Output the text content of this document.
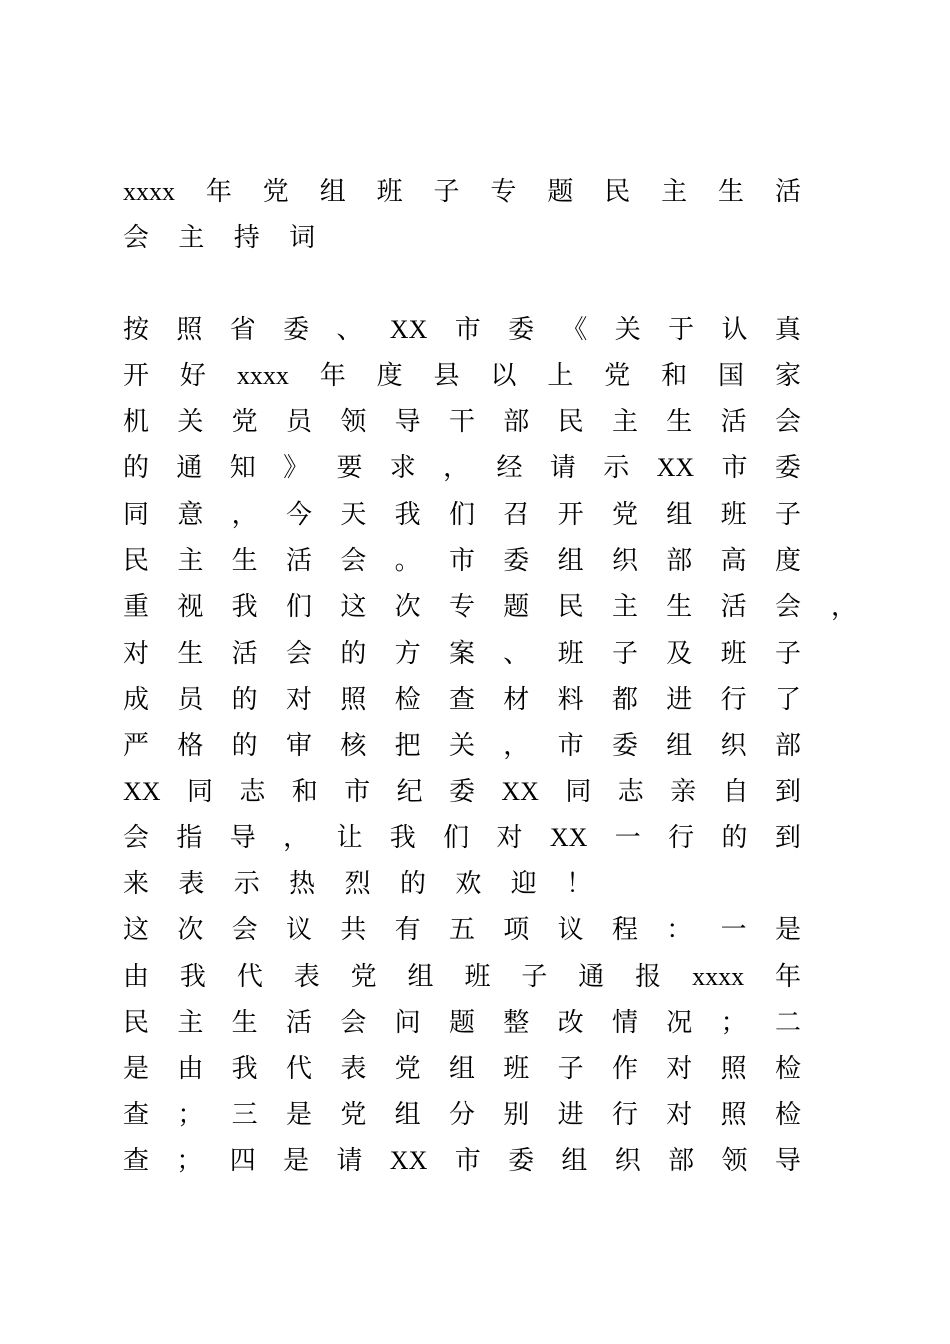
xxxx 年 党 组 班 子 专 题 民 主 生 活
会	主	持	词
按 照 省 委 、 XX 市 委 《 关 于 认 真
开 好 xxxx 年 度 县 以 上 党 和 国 家
机 关 党 员 领 导 干 部 民 主 生 活 会
的 通 知 》 要 求 ， 经 请 示 XX 市 委
同 意 ， 今 天 我 们 召 开 党 组 班 子
民 主 生 活 会 。 市 委 组 织 部 高 度
重 视 我 们 这 次 专 题 民 主 生 活 会 ，
对 生 活 会 的 方 案 、 班 子 及 班 子
成 员 的 对 照 检 查 材 料 都 进 行 了
严 格 的 审 核 把 关 ， 市 委 组 织 部
XX 同 志 和 市 纪 委 XX 同 志 亲 自 到
会 指 导 ， 让 我 们 对 XX 一 行 的 到
来	表	示	热	烈	的	欢	迎	！
这 次 会 议 共 有 五 项 议 程 ： 一 是
由 我 代 表 党 组 班 子 通 报 xxxx 年
民 主 生 活 会 问 题 整 改 情 况 ； 二
是 由 我 代 表 党 组 班 子 作 对 照 检
查 ； 三 是 党 组 分 别 进 行 对 照 检
查 ； 四 是 请 XX 市 委 组 织 部 领 导
